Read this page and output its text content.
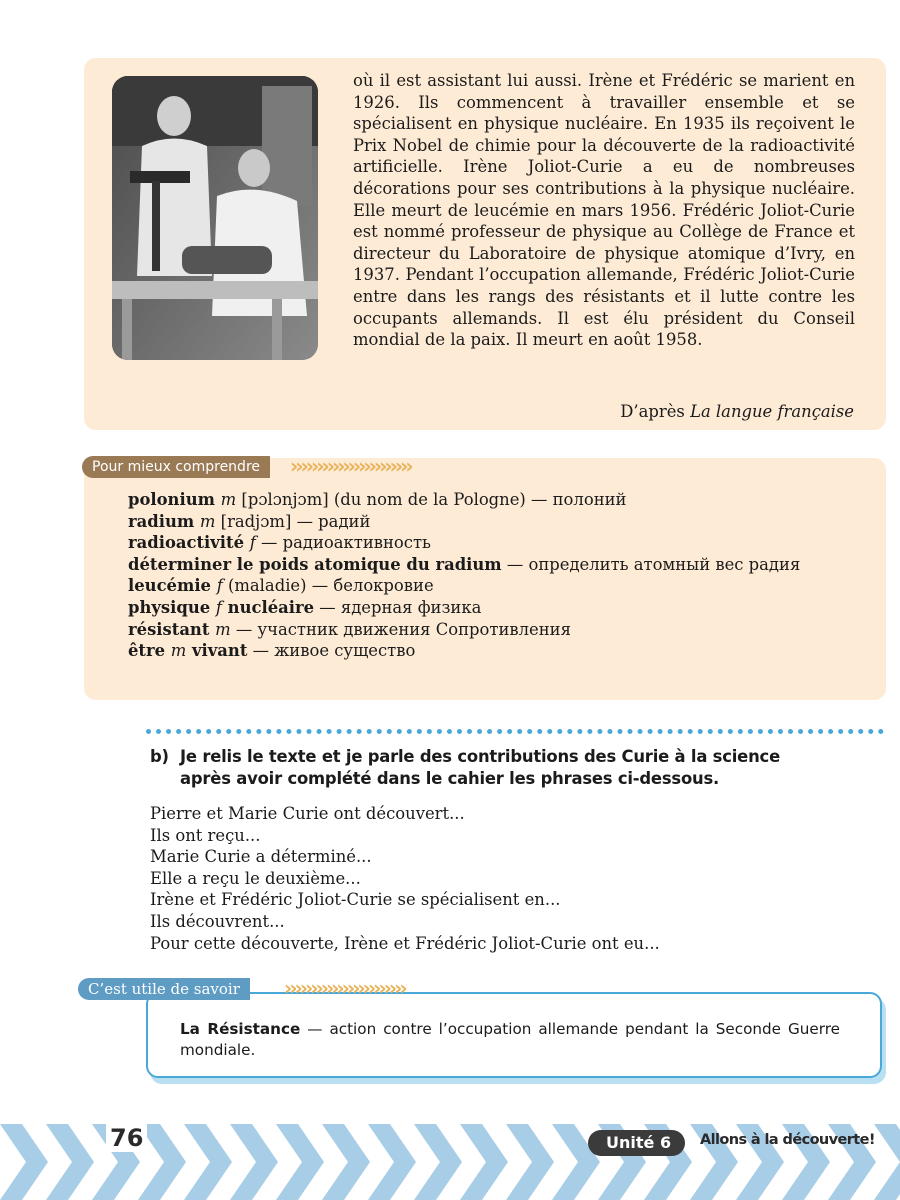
où il est assistant lui aussi. Irène et Frédéric se marient en 1926. Ils commencent à travailler ensemble et se spécialisent en physique nucléaire. En 1935 ils reçoivent le Prix Nobel de chimie pour la découverte de la radioactivité artificielle. Irène Joliot-Curie a eu de nombreuses décorations pour ses contributions à la physique nucléaire. Elle meurt de leucémie en mars 1956. Frédéric Joliot-Curie est nommé professeur de physique au Collège de France et directeur du Laboratoire de physique atomique d’Ivry, en 1937. Pendant l’occupation allemande, Frédéric Joliot-Curie entre dans les rangs des résistants et il lutte contre les occupants allemands. Il est élu président du Conseil mondial de la paix. Il meurt en août 1958.

D’après La langue française
Pour mieux comprendre	›››››››››››››››››››››››
polonium m [pɔlɔnjɔm] (du nom de la Pologne) — полоний
radium m [radjɔm] — радий
radioactivité f — радиоактивность
déterminer le poids atomique du radium — определить атомный вес радия
leucémie f (maladie) — белокровие
physique f nucléaire — ядерная физика
résistant m — участник движения Сопротивления
être m vivant — живое существо
b) Je relis le texte et je parle des contributions des Curie à la science
après avoir complété dans le cahier les phrases ci-dessous.
Pierre et Marie Curie ont découvert...
Ils ont reçu...
Marie Curie a déterminé...
Elle a reçu le deuxième...
Irène et Frédéric Joliot-Curie se spécialisent en...
Ils découvrent...
Pour cette découverte, Irène et Frédéric Joliot-Curie ont eu...
C’est utile de savoir	›››››››››››››››››››››››
La Résistance — action contre l’occupation allemande pendant la Seconde Guerre mondiale.
76	Unité 6	Allons à la découverte!
